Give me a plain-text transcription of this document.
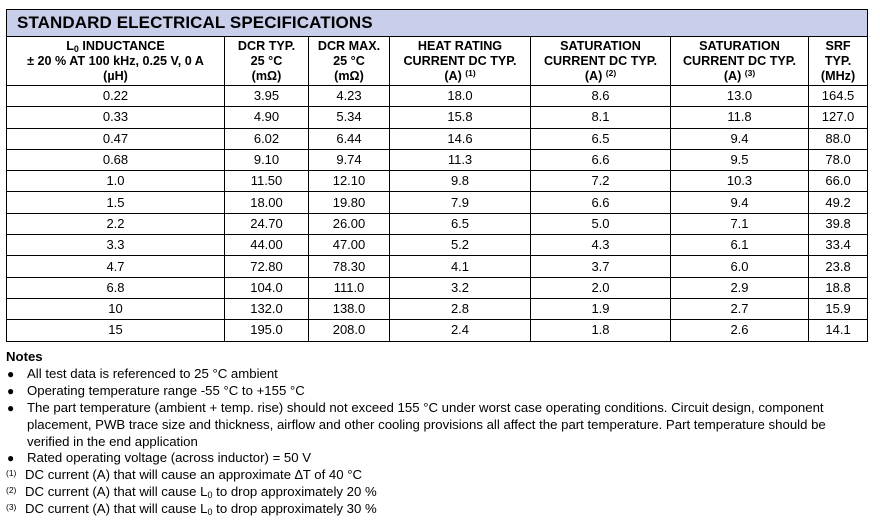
STANDARD ELECTRICAL SPECIFICATIONS						
$L_0$ INDUCTANCE
± 20 % AT 100 kHz, 0.25 V, 0 A
(µH)	DCR TYP.
25 °C
(mΩ)	DCR MAX.
25 °C
(mΩ)	HEAT RATING
CURRENT DC TYP.
(A) $^{(1)}$	SATURATION
CURRENT DC TYP.
(A) $^{(2)}$	SATURATION
CURRENT DC TYP.
(A) $^{(3)}$	SRF
TYP.
(MHz)
0.22	3.95	4.23	18.0	8.6	13.0	164.5
0.33	4.90	5.34	15.8	8.1	11.8	127.0
0.47	6.02	6.44	14.6	6.5	9.4	88.0
0.68	9.10	9.74	11.3	6.6	9.5	78.0
1.0	11.50	12.10	9.8	7.2	10.3	66.0
1.5	18.00	19.80	7.9	6.6	9.4	49.2
2.2	24.70	26.00	6.5	5.0	7.1	39.8
3.3	44.00	47.00	5.2	4.3	6.1	33.4
4.7	72.80	78.30	4.1	3.7	6.0	23.8
6.8	104.0	111.0	3.2	2.0	2.9	18.8
10	132.0	138.0	2.8	1.9	2.7	15.9
15	195.0	208.0	2.4	1.8	2.6	14.1
Notes
● All test data is referenced to 25 °C ambient
● Operating temperature range -55 °C to +155 °C
● The part temperature (ambient + temp. rise) should not exceed 155 °C under worst case operating conditions. Circuit design, component placement, PWB trace size and thickness, airflow and other cooling provisions all affect the part temperature. Part temperature should be verified in the end application
● Rated operating voltage (across inductor) = 50 V
(1) DC current (A) that will cause an approximate ∆T of 40 °C
(2) DC current (A) that will cause $L_0$ to drop approximately 20 %
(3) DC current (A) that will cause $L_0$ to drop approximately 30 %
